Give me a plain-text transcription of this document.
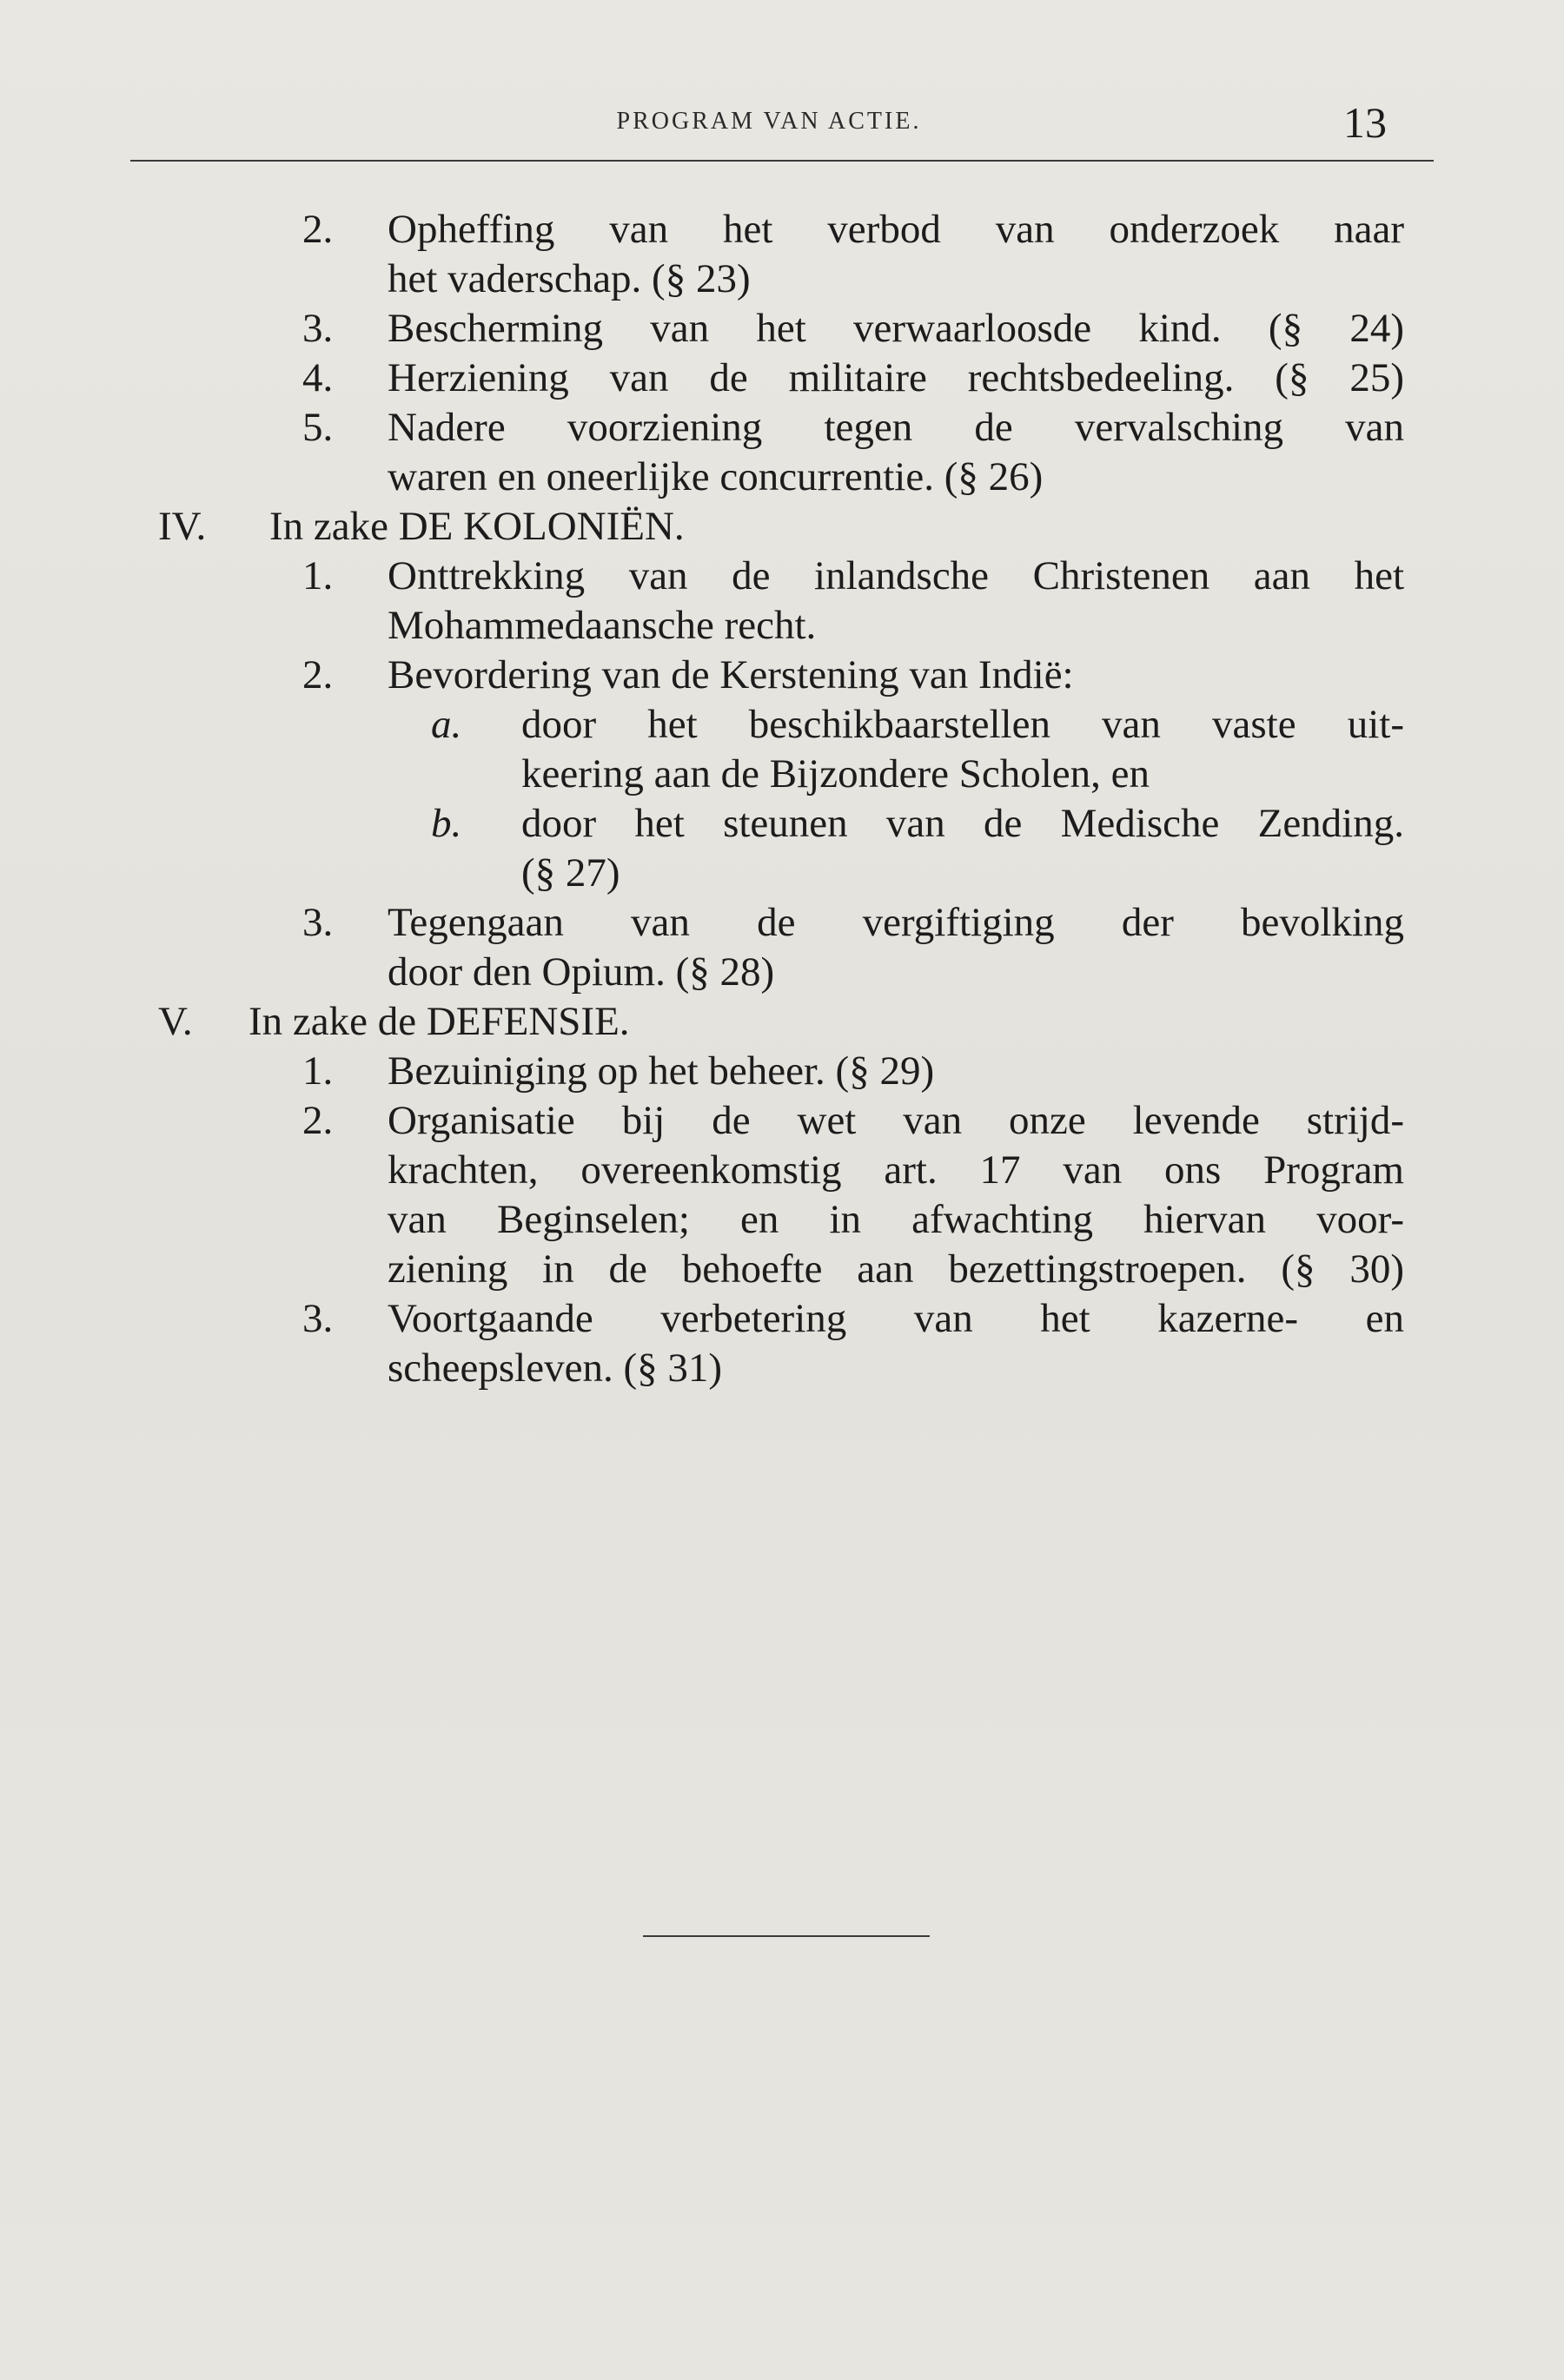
PROGRAM VAN ACTIE.	13
2. Opheffing van het verbod van onderzoek naar
het vaderschap. (§ 23)
3. Bescherming van het verwaarloosde kind. (§ 24)
4. Herziening van de militaire rechtsbedeeling. (§ 25)
5. Nadere voorziening tegen de vervalsching van
waren en oneerlijke concurrentie. (§ 26)
IV. In zake DE KOLONIËN.
1. Onttrekking van de inlandsche Christenen aan het
Mohammedaansche recht.
2. Bevordering van de Kerstening van Indië:
a. door het beschikbaarstellen van vaste uit-
keering aan de Bijzondere Scholen, en
b. door het steunen van de Medische Zending.
(§ 27)
3. Tegengaan van de vergiftiging der bevolking
door den Opium. (§ 28)
V. In zake de DEFENSIE.
1. Bezuiniging op het beheer. (§ 29)
2. Organisatie bij de wet van onze levende strijd-
krachten, overeenkomstig art. 17 van ons Program
van Beginselen; en in afwachting hiervan voor-
ziening in de behoefte aan bezettingstroepen. (§ 30)
3. Voortgaande verbetering van het kazerne- en
scheepsleven. (§ 31)
